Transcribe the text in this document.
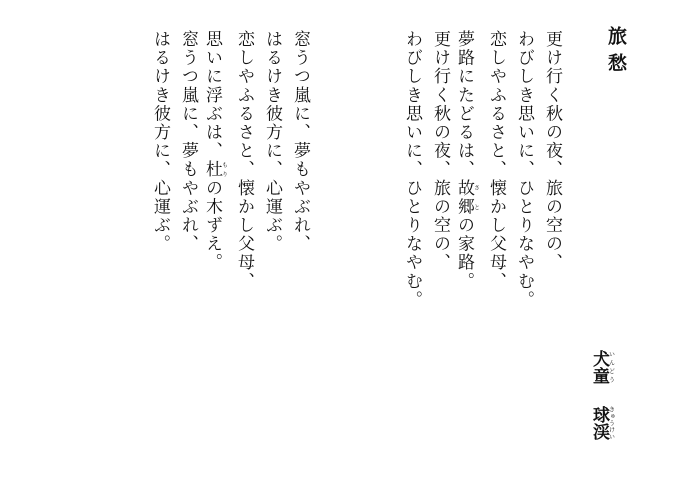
旅愁
更け行く秋の夜、旅の空の、
わびしき思いに、ひとりなやむ。
恋しやふるさと、懐かし父母、
夢路にたどるは、故郷さとの家路。
更け行く秋の夜、旅の空の、
わびしき思いに、ひとりなやむ。
窓うつ嵐に、夢もやぶれ、
はるけき彼方に、心運ぶ。
恋しやふるさと、懐かし父母、
思いに浮ぶは、杜もりの木ずえ。
窓うつ嵐に、夢もやぶれ、
はるけき彼方に、心運ぶ。
犬童いんどう球渓きゅうけい
